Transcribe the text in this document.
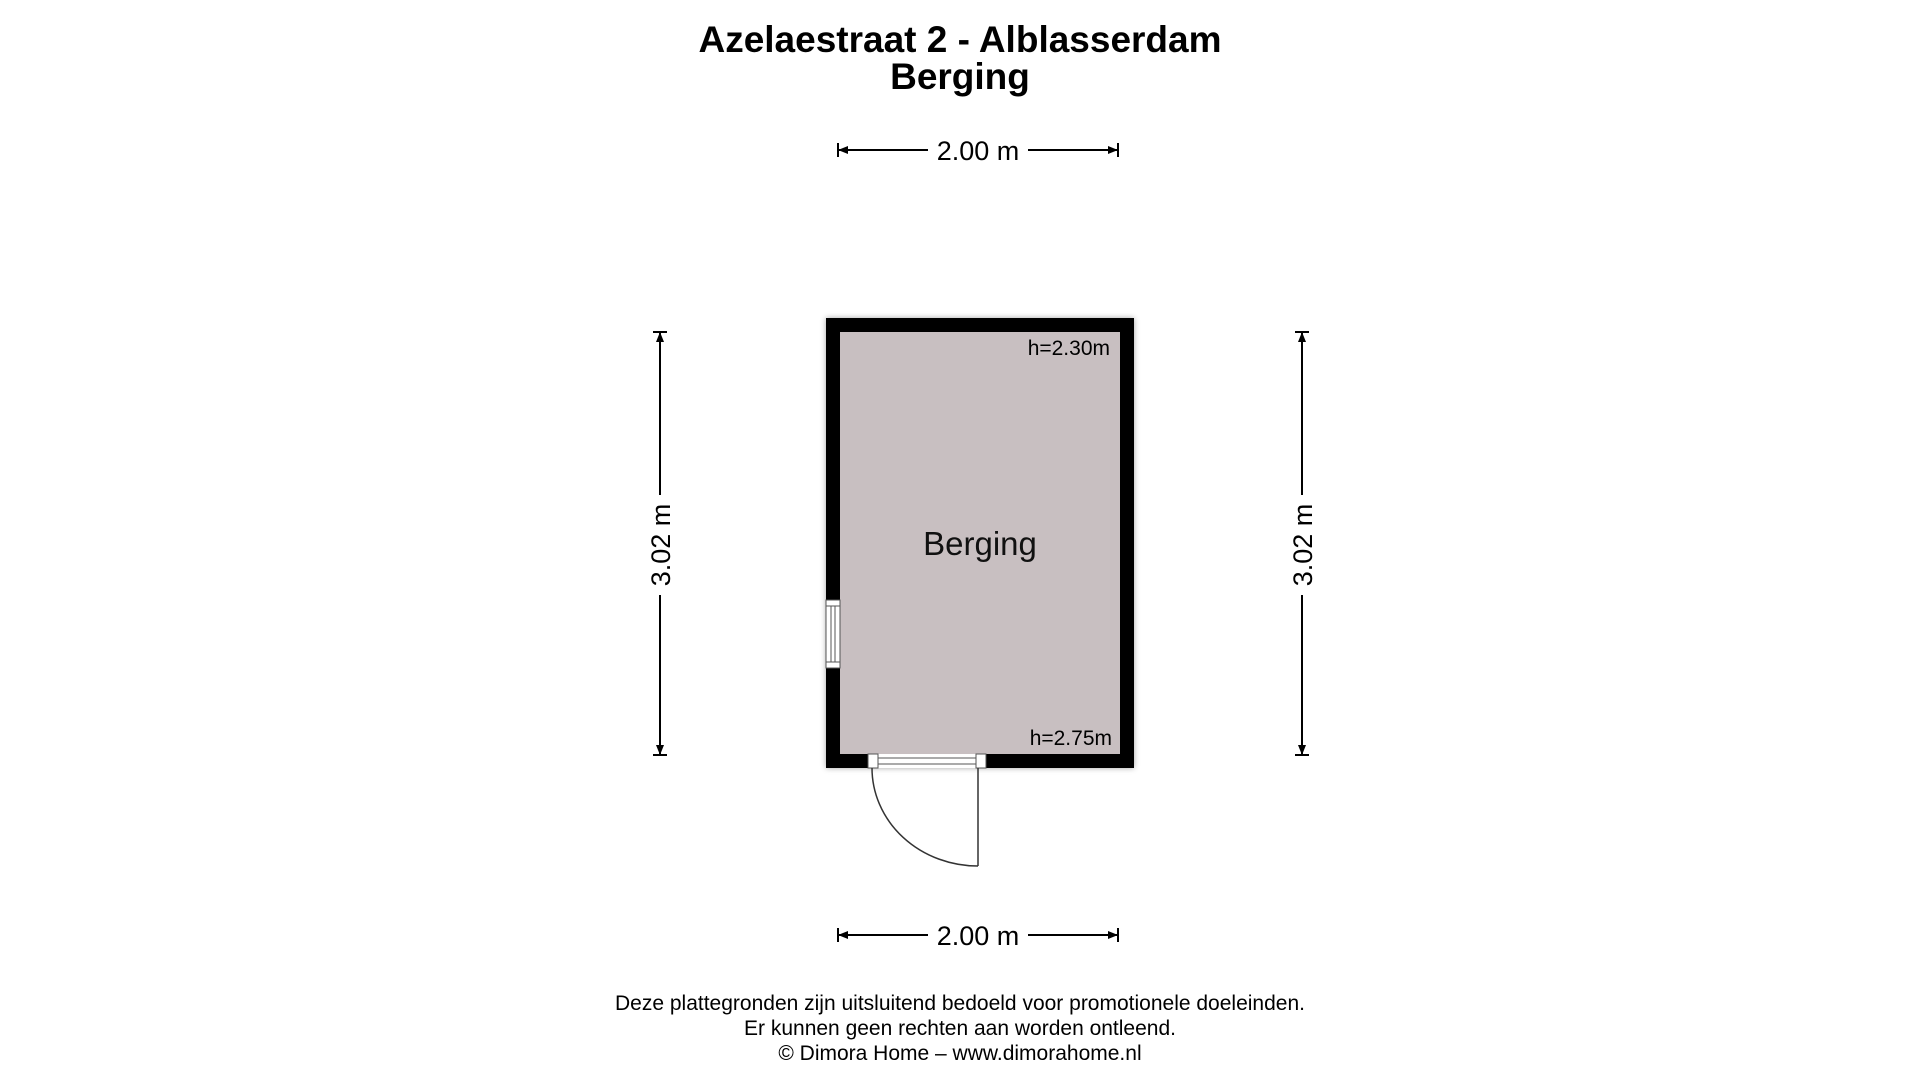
Azelaestraat 2 - Alblasserdam
Berging
2.00 m
2.00 m
3.02 m	3.02 m
Berging
h=2.30m
h=2.75m
Deze plattegronden zijn uitsluitend bedoeld voor promotionele doeleinden.
Er kunnen geen rechten aan worden ontleend.
© Dimora Home – www.dimorahome.nl
